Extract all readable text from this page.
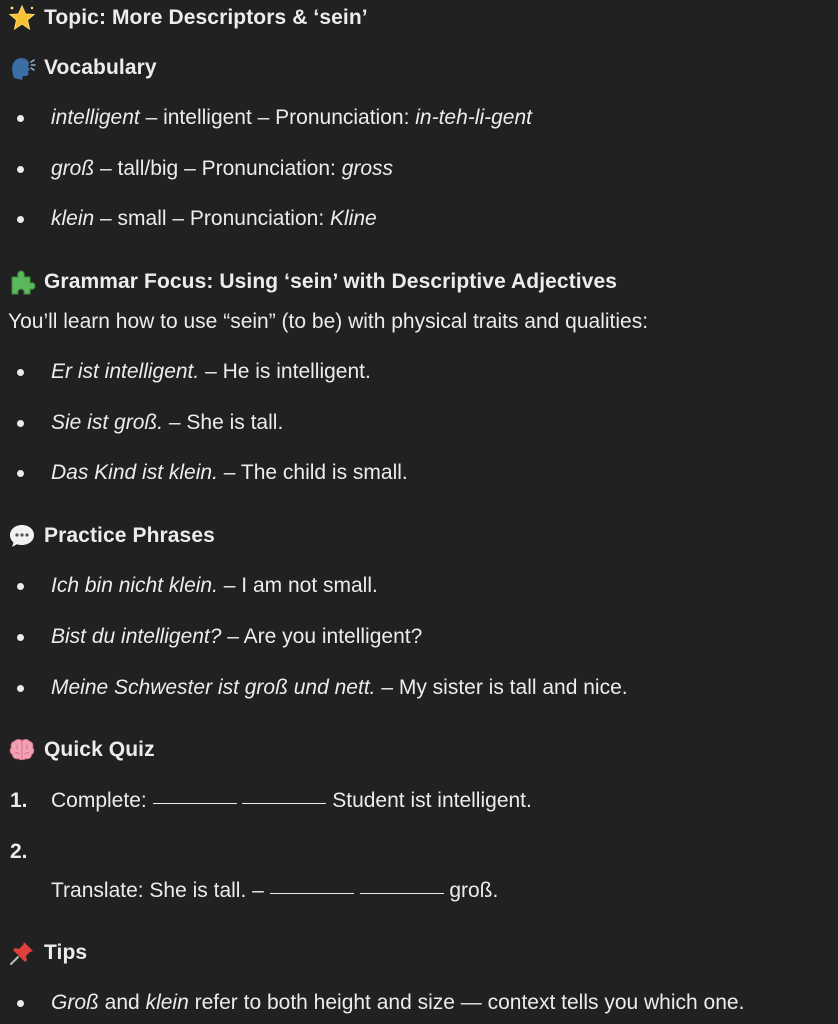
Topic: More Descriptors & ‘sein’
Vocabulary
intelligent – intelligent – Pronunciation: in-teh-li-gent
groß – tall/big – Pronunciation: gross
klein – small – Pronunciation: Kline
Grammar Focus: Using ‘sein’ with Descriptive Adjectives
You’ll learn how to use “sein” (to be) with physical traits and qualities:
Er ist intelligent. – He is intelligent.
Sie ist groß. – She is tall.
Das Kind ist klein. – The child is small.
Practice Phrases
Ich bin nicht klein. – I am not small.
Bist du intelligent? – Are you intelligent?
Meine Schwester ist groß und nett. – My sister is tall and nice.
Quick Quiz
1. Complete:	Student ist intelligent.
2.
Translate: She is tall. –	groß.
Tips
Groß and klein refer to both height and size — context tells you which one.
